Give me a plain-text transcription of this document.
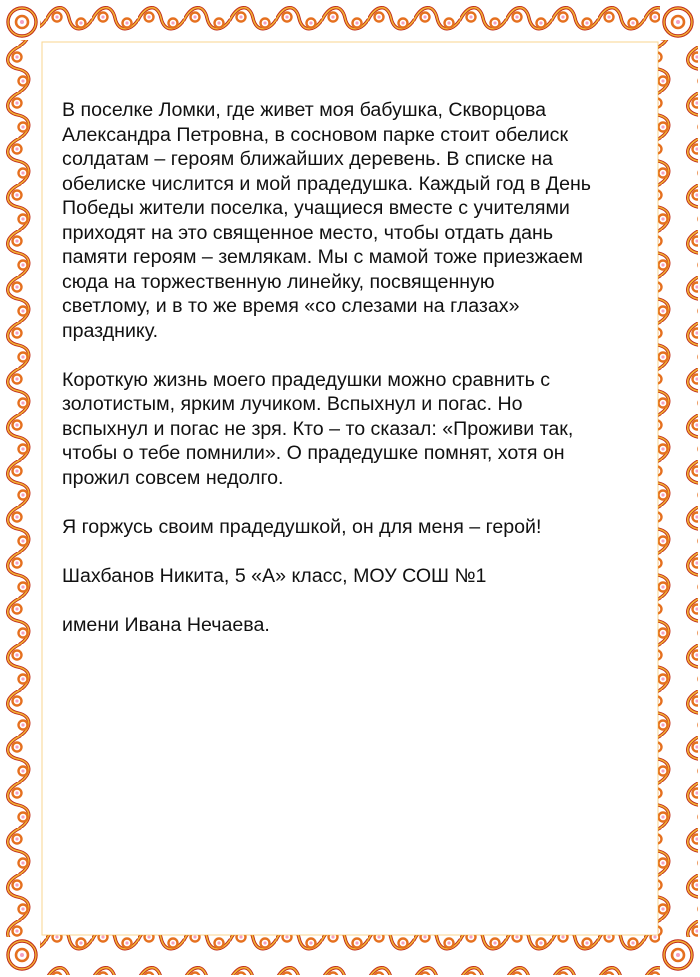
В поселке Ломки, где живет моя бабушка, Скворцова
Александра Петровна, в сосновом парке стоит обелиск
солдатам – героям ближайших деревень. В списке на
обелиске числится и мой прадедушка. Каждый год в День
Победы жители поселка, учащиеся вместе с учителями
приходят на это священное место, чтобы отдать дань
памяти героям – землякам. Мы с мамой тоже приезжаем
сюда на торжественную линейку, посвященную
светлому, и в то же время «со слезами на глазах»
празднику.

Короткую жизнь моего прадедушки можно сравнить с
золотистым, ярким лучиком. Вспыхнул и погас. Но
вспыхнул и погас не зря. Кто – то сказал: «Проживи так,
чтобы о тебе помнили». О прадедушке помнят, хотя он
прожил совсем недолго.

Я горжусь своим прадедушкой, он для меня – герой!

Шахбанов Никита, 5 «А» класс, МОУ СОШ №1

имени Ивана Нечаева.
